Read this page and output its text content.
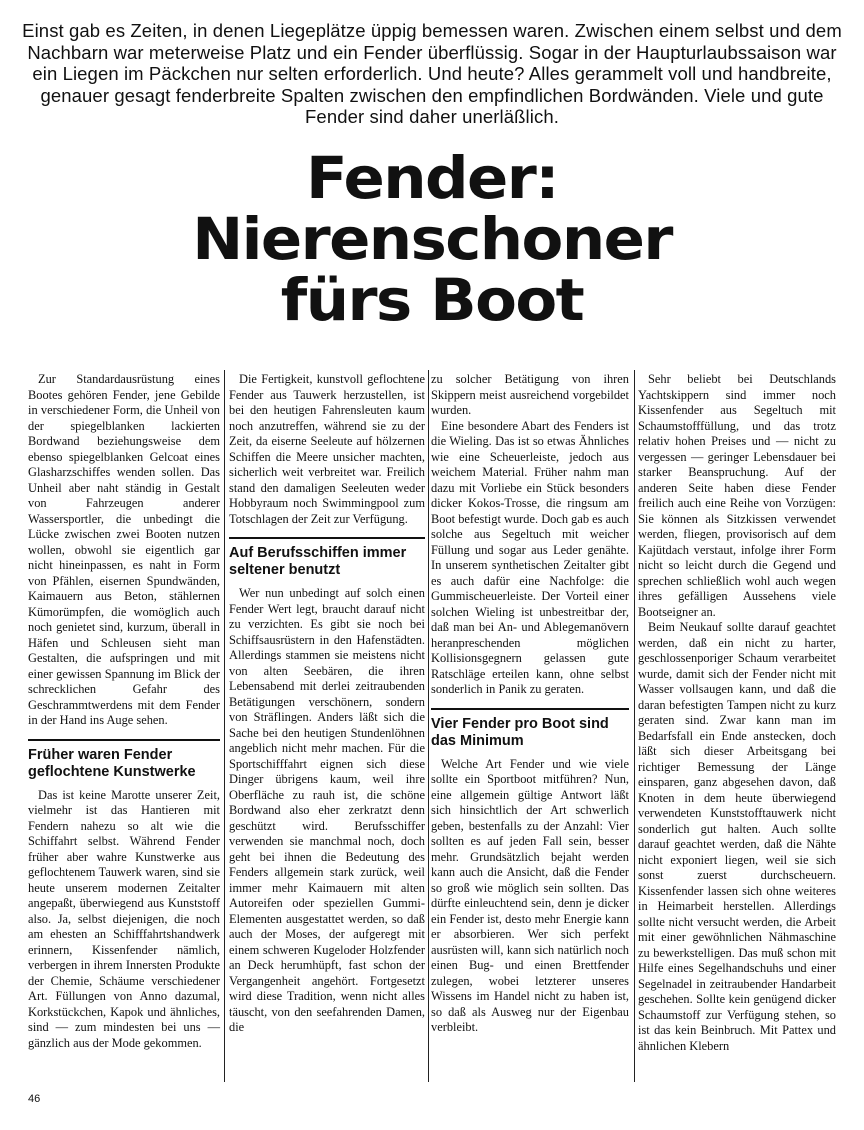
Einst gab es Zeiten, in denen Liegeplätze üppig bemessen waren. Zwischen einem selbst und dem Nachbarn war meterweise Platz und ein Fender überflüssig. Sogar in der Haupturlaubssaison war ein Liegen im Päckchen nur selten erforderlich. Und heute? Alles gerammelt voll und handbreite, genauer gesagt fenderbreite Spalten zwischen den empfindlichen Bordwänden. Viele und gute Fender sind daher unerläßlich.
Fender:
Nierenschoner
fürs Boot

Zur Standardausrüstung eines Bootes gehören Fender, jene Gebilde in verschiedener Form, die Unheil von der spiegelblanken lackierten Bordwand beziehungsweise dem ebenso spiegelblanken Gelcoat eines Glasharzschiffes wenden sollen. Das Unheil aber naht ständig in Gestalt von Fahrzeugen anderer Wassersportler, die unbedingt die Lücke zwischen zwei Booten nutzen wollen, obwohl sie eigentlich gar nicht hineinpassen, es naht in Form von Pfählen, eisernen Spundwänden, Kaimauern aus Beton, stählernen Kümorümpfen, die womöglich auch noch genietet sind, kurzum, überall in Häfen und Schleusen sieht man Gestalten, die aufspringen und mit einer gewissen Spannung im Blick der schrecklichen Gefahr des Geschrammtwerdens mit dem Fender in der Hand ins Auge sehen.

Früher waren Fender geflochtene Kunstwerke

Das ist keine Marotte unserer Zeit, vielmehr ist das Hantieren mit Fendern nahezu so alt wie die Schiffahrt selbst. Während Fender früher aber wahre Kunstwerke aus geflochtenem Tauwerk waren, sind sie heute unserem modernen Zeitalter angepaßt, überwiegend aus Kunststoff also. Ja, selbst diejenigen, die noch am ehesten an Schifffahrtshandwerk erinnern, Kissenfender nämlich, verbergen in ihrem Innersten Produkte der Chemie, Schäume verschiedener Art. Füllungen von Anno dazumal, Korkstückchen, Kapok und ähnliches, sind — zum mindesten bei uns — gänzlich aus der Mode gekommen.

Die Fertigkeit, kunstvoll geflochtene Fender aus Tauwerk herzustellen, ist bei den heutigen Fahrensleuten kaum noch anzutreffen, während sie zu der Zeit, da eiserne Seeleute auf hölzernen Schiffen die Meere unsicher machten, sicherlich weit verbreitet war. Freilich stand den damaligen Seeleuten weder Hobbyraum noch Swimmingpool zum Totschlagen der Zeit zur Verfügung.

Auf Berufsschiffen immer seltener benutzt

Wer nun unbedingt auf solch einen Fender Wert legt, braucht darauf nicht zu verzichten. Es gibt sie noch bei Schiffsausrüstern in den Hafenstädten. Allerdings stammen sie meistens nicht von alten Seebären, die ihren Lebensabend mit derlei zeitraubenden Betätigungen verschönern, sondern von Sträflingen. Anders läßt sich die Sache bei den heutigen Stundenlöhnen angeblich nicht mehr machen. Für die Sportschifffahrt eignen sich diese Dinger übrigens kaum, weil ihre Oberfläche zu rauh ist, die schöne Bordwand also eher zerkratzt denn geschützt wird. Berufsschiffer verwenden sie manchmal noch, doch geht bei ihnen die Bedeutung des Fenders allgemein stark zurück, weil immer mehr Kaimauern mit alten Autoreifen oder speziellen Gummi-Elementen ausgestattet werden, so daß auch der Moses, der aufgeregt mit einem schweren Kugeloder Holzfender an Deck herumhüpft, fast schon der Vergangenheit angehört. Fortgesetzt wird diese Tradition, wenn nicht alles täuscht, von den seefahrenden Damen, die

zu solcher Betätigung von ihren Skippern meist ausreichend vorgebildet wurden.

Eine besondere Abart des Fenders ist die Wieling. Das ist so etwas Ähnliches wie eine Scheuerleiste, jedoch aus weichem Material. Früher nahm man dazu mit Vorliebe ein Stück besonders dicker Kokos-Trosse, die ringsum am Boot befestigt wurde. Doch gab es auch solche aus Segeltuch mit weicher Füllung und sogar aus Leder genähte. In unserem synthetischen Zeitalter gibt es auch dafür eine Nachfolge: die Gummischeuerleiste. Der Vorteil einer solchen Wieling ist unbestreitbar der, daß man bei An- und Ablegemanövern heranpreschenden möglichen Kollisionsgegnern gelassen gute Ratschläge erteilen kann, ohne selbst sonderlich in Panik zu geraten.

Vier Fender pro Boot sind das Minimum

Welche Art Fender und wie viele sollte ein Sportboot mitführen? Nun, eine allgemein gültige Antwort läßt sich hinsichtlich der Art schwerlich geben, bestenfalls zu der Anzahl: Vier sollten es auf jeden Fall sein, besser mehr. Grundsätzlich bejaht werden kann auch die Ansicht, daß die Fender so groß wie möglich sein sollten. Das dürfte einleuchtend sein, denn je dicker ein Fender ist, desto mehr Energie kann er absorbieren. Wer sich perfekt ausrüsten will, kann sich natürlich noch einen Bug- und einen Brettfender zulegen, wobei letzterer unseres Wissens im Handel nicht zu haben ist, so daß als Ausweg nur der Eigenbau verbleibt.

Sehr beliebt bei Deutschlands Yachtskippern sind immer noch Kissenfender aus Segeltuch mit Schaumstofffüllung, und das trotz relativ hohen Preises und — nicht zu vergessen — geringer Lebensdauer bei starker Beanspruchung. Auf der anderen Seite haben diese Fender freilich auch eine Reihe von Vorzügen: Sie können als Sitzkissen verwendet werden, fliegen, provisorisch auf dem Kajütdach verstaut, infolge ihrer Form nicht so leicht durch die Gegend und sprechen schließlich wohl auch wegen ihres gefälligen Aussehens viele Bootseigner an.

Beim Neukauf sollte darauf geachtet werden, daß ein nicht zu harter, geschlossenporiger Schaum verarbeitet wurde, damit sich der Fender nicht mit Wasser vollsaugen kann, und daß die daran befestigten Tampen nicht zu kurz geraten sind. Zwar kann man im Bedarfsfall ein Ende anstecken, doch läßt sich dieser Arbeitsgang bei richtiger Bemessung der Länge einsparen, ganz abgesehen davon, daß Knoten in dem heute überwiegend verwendeten Kunststofftauwerk nicht sonderlich gut halten. Auch sollte darauf geachtet werden, daß die Nähte nicht exponiert liegen, weil sie sich sonst zuerst durchscheuern. Kissenfender lassen sich ohne weiteres in Heimarbeit herstellen. Allerdings sollte nicht versucht werden, die Arbeit mit einer gewöhnlichen Nähmaschine zu bewerkstelligen. Das muß schon mit Hilfe eines Segelhandschuhs und einer Segelnadel in zeitraubender Handarbeit geschehen. Sollte kein genügend dicker Schaumstoff zur Verfügung stehen, so ist das kein Beinbruch. Mit Pattex und ähnlichen Klebern

46
